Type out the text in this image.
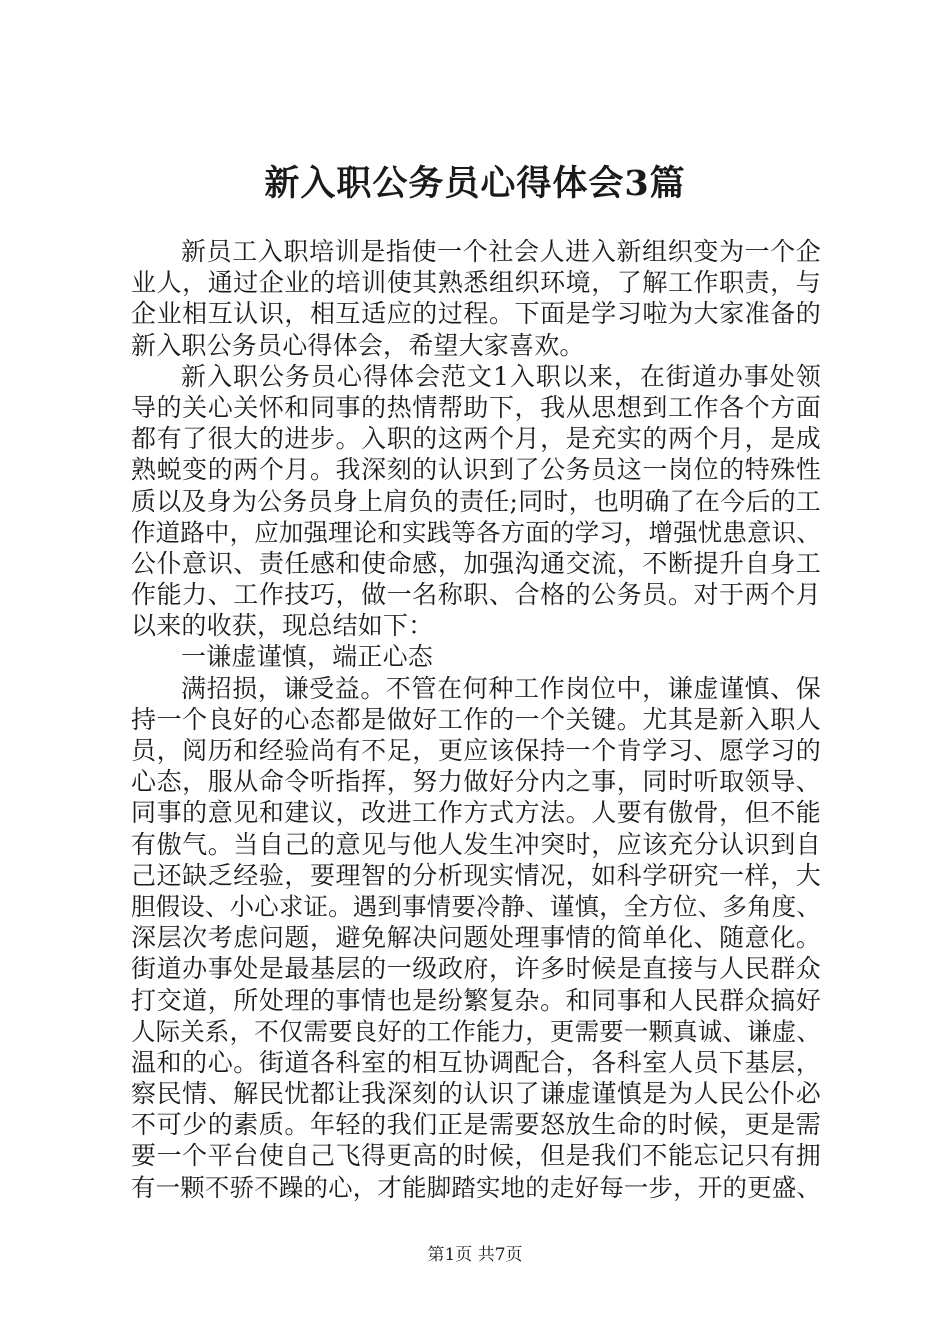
新入职公务员心得体会3篇
新员工入职培训是指使一个社会人进入新组织变为一个企
业人，通过企业的培训使其熟悉组织环境，了解工作职责，与
企业相互认识，相互适应的过程。下面是学习啦为大家准备的
新入职公务员心得体会，希望大家喜欢。
新入职公务员心得体会范文1入职以来，在街道办事处领
导的关心关怀和同事的热情帮助下，我从思想到工作各个方面
都有了很大的进步。入职的这两个月，是充实的两个月，是成
熟蜕变的两个月。我深刻的认识到了公务员这一岗位的特殊性
质以及身为公务员身上肩负的责任;同时，也明确了在今后的工
作道路中，应加强理论和实践等各方面的学习，增强忧患意识、
公仆意识、责任感和使命感，加强沟通交流，不断提升自身工
作能力、工作技巧，做一名称职、合格的公务员。对于两个月
以来的收获，现总结如下：
一谦虚谨慎，端正心态
满招损，谦受益。不管在何种工作岗位中，谦虚谨慎、保
持一个良好的心态都是做好工作的一个关键。尤其是新入职人
员，阅历和经验尚有不足，更应该保持一个肯学习、愿学习的
心态，服从命令听指挥，努力做好分内之事，同时听取领导、
同事的意见和建议，改进工作方式方法。人要有傲骨，但不能
有傲气。当自己的意见与他人发生冲突时，应该充分认识到自
己还缺乏经验，要理智的分析现实情况，如科学研究一样，大
胆假设、小心求证。遇到事情要冷静、谨慎，全方位、多角度、
深层次考虑问题，避免解决问题处理事情的简单化、随意化。
街道办事处是最基层的一级政府，许多时候是直接与人民群众
打交道，所处理的事情也是纷繁复杂。和同事和人民群众搞好
人际关系，不仅需要良好的工作能力，更需要一颗真诚、谦虚、
温和的心。街道各科室的相互协调配合，各科室人员下基层，
察民情、解民忧都让我深刻的认识了谦虚谨慎是为人民公仆必
不可少的素质。年轻的我们正是需要怒放生命的时候，更是需
要一个平台使自己飞得更高的时候，但是我们不能忘记只有拥
有一颗不骄不躁的心，才能脚踏实地的走好每一步，开的更盛、
第1页 共7页
